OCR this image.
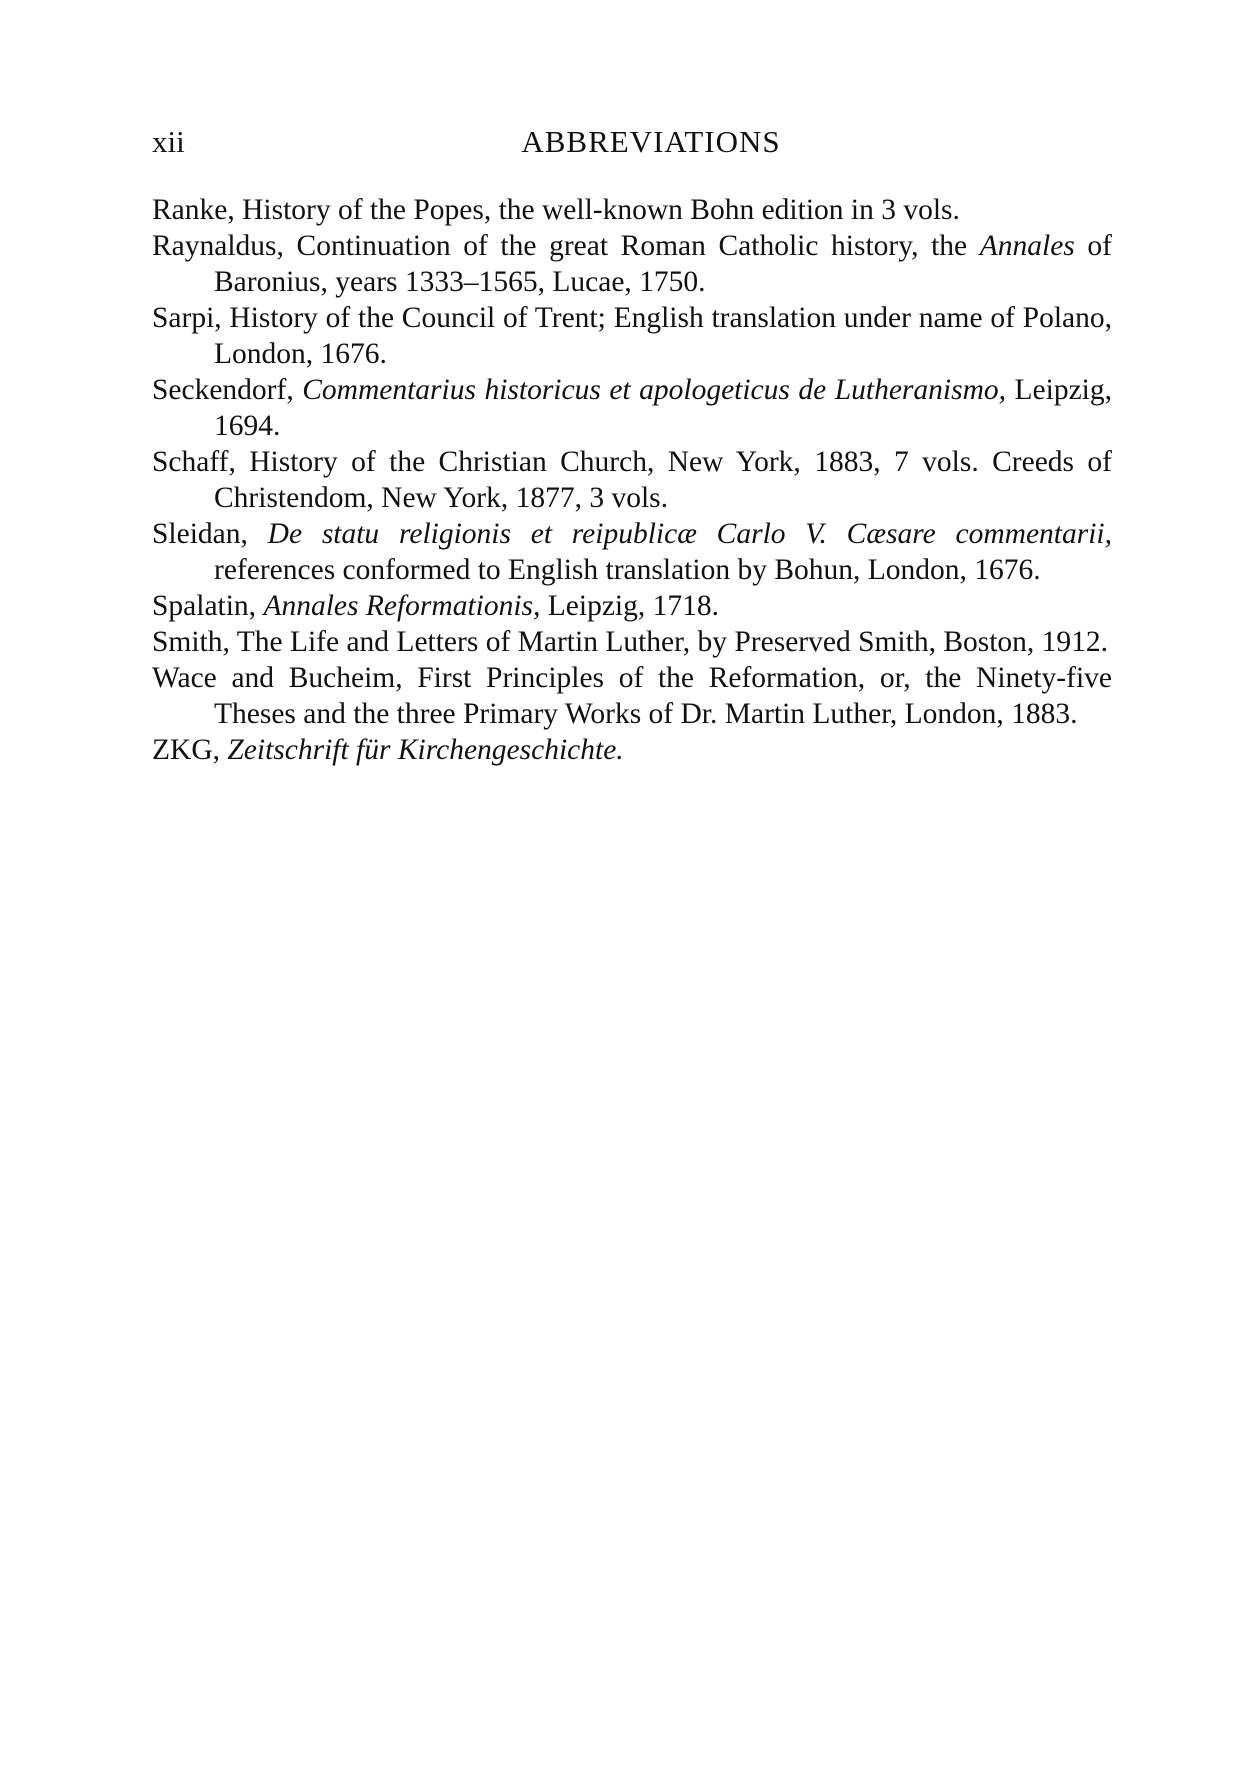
xii	ABBREVIATIONS
Ranke, History of the Popes, the well-known Bohn edition in 3 vols.
Raynaldus, Continuation of the great Roman Catholic history, the Annales of Baronius, years 1333–1565, Lucae, 1750.
Sarpi, History of the Council of Trent; English translation under name of Polano, London, 1676.
Seckendorf, Commentarius historicus et apologeticus de Lutheranismo, Leipzig, 1694.
Schaff, History of the Christian Church, New York, 1883, 7 vols. Creeds of Christendom, New York, 1877, 3 vols.
Sleidan, De statu religionis et reipublicæ Carlo V. Cæsare commentarii, references conformed to English translation by Bohun, London, 1676.
Spalatin, Annales Reformationis, Leipzig, 1718.
Smith, The Life and Letters of Martin Luther, by Preserved Smith, Boston, 1912.
Wace and Bucheim, First Principles of the Reformation, or, the Ninety-five Theses and the three Primary Works of Dr. Martin Luther, London, 1883.
ZKG, Zeitschrift für Kirchengeschichte.
